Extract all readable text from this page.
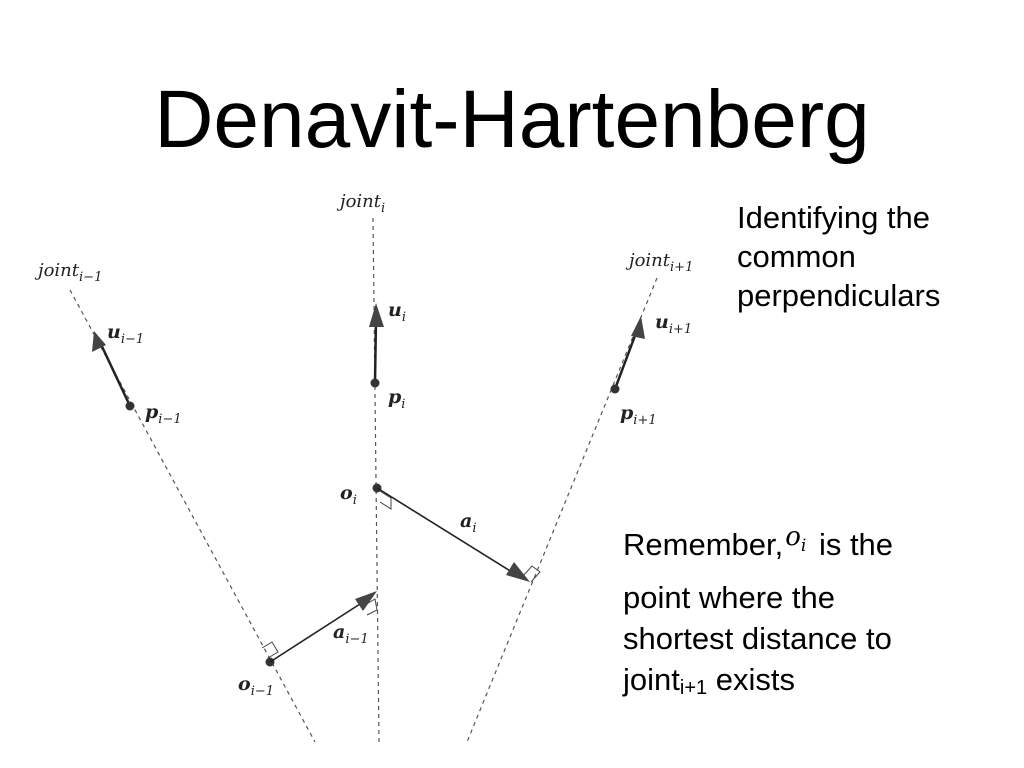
Denavit-Hartenberg
joint$_{i-1}$
joint$_i$
joint$_{i+1}$
$u_{i-1}$
$u_i$	$u_{i+1}$
$p_{i-1}$
$p_i$	$p_{i+1}$
$o_i$
$o_{i-1}$
$a_i$
$a_{i-1}$
Identifying the
common
perpendiculars
Remember,$^{o_i}$ is the
point where the
shortest distance to
joint$_{i+1}$ exists
